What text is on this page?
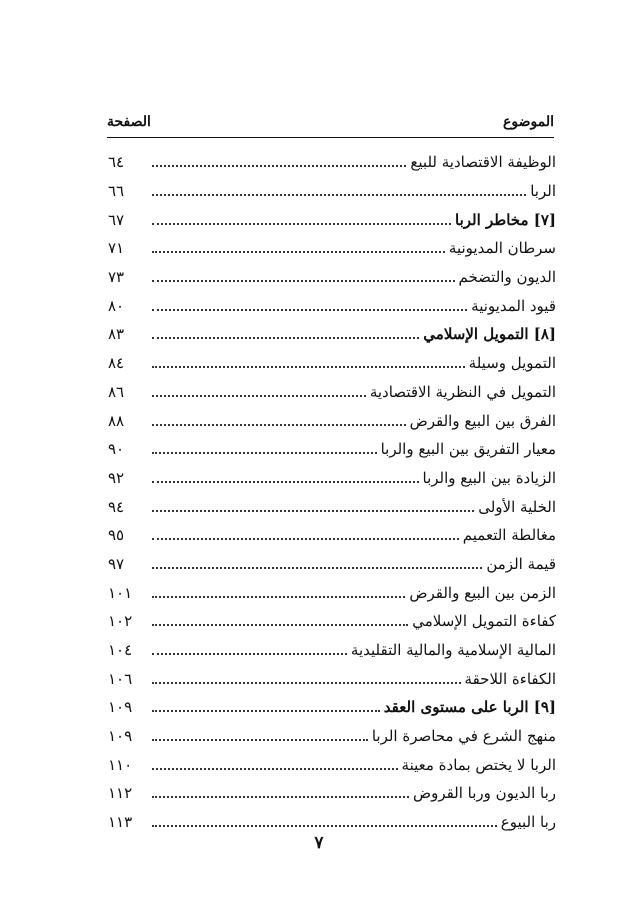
الموضوع
الصفحة
الوظيفة الاقتصادية للبيع
٦٤
الربا
٦٦
[٧] مخاطر الربا
٦٧
سرطان المديونية
٧١
الديون والتضخم
٧٣
قيود المديونية
٨٠
[٨] التمويل الإسلامي
٨٣
التمويل وسيلة
٨٤
التمويل في النظرية الاقتصادية
٨٦
الفرق بين البيع والقرض
٨٨
معيار التفريق بين البيع والربا
٩٠
الزيادة بين البيع والربا
٩٢
الخلية الأولى
٩٤
مغالطة التعميم
٩٥
قيمة الزمن
٩٧
الزمن بين البيع والقرض
١٠١
كفاءة التمويل الإسلامي
١٠٢
المالية الإسلامية والمالية التقليدية
١٠٤
الكفاءة اللاحقة
١٠٦
[٩] الربا على مستوى العقد
١٠٩
منهج الشرع في محاصرة الربا
١٠٩
الربا لا يختص بمادة معينة
١١٠
ربا الديون وربا القروض
١١٢
ربا البيوع
١١٣
٧
